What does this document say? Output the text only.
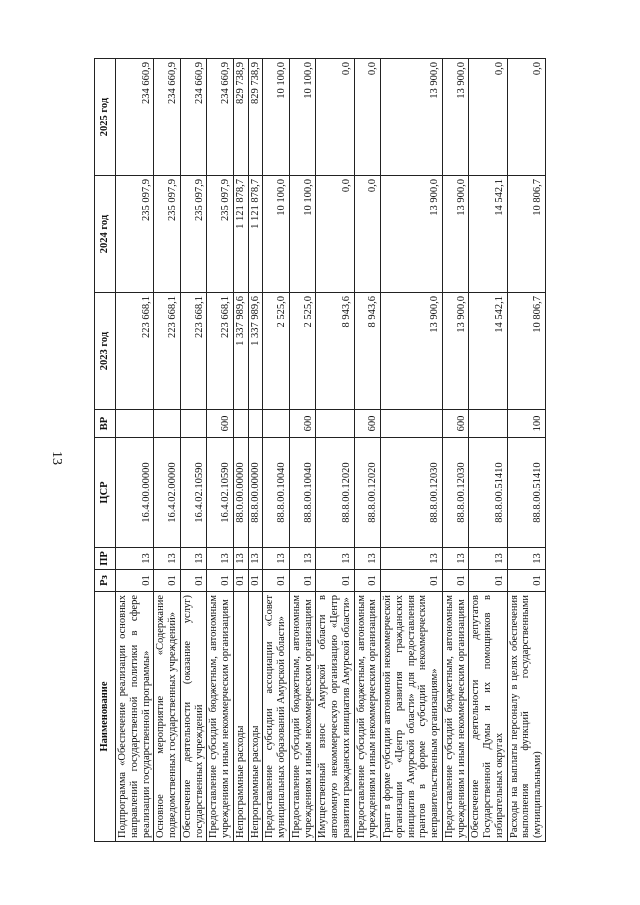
13
Наименование	Рз	ПР	ЦСР	ВР	2023 год	2024 год	2025 год
Подпрограмма «Обеспечение реализации основных направлений государственной политики в сфере реализации государственной программы»	01	13	16.4.00.00000		223 668,1	235 097,9	234 660,9
Основное мероприятие «Содержание подведомственных государственных учреждений»	01	13	16.4.02.00000		223 668,1	235 097,9	234 660,9
Обеспечение деятельности (оказание услуг) государственных учреждений	01	13	16.4.02.10590		223 668,1	235 097,9	234 660,9
Предоставление субсидий бюджетным, автономным учреждениям и иным некоммерческим организациям	01	13	16.4.02.10590	600	223 668,1	235 097,9	234 660,9
Непрограммные расходы	01	13	88.0.00.00000		1 337 989,6	1 121 878,7	829 738,9
Непрограммные расходы	01	13	88.8.00.00000		1 337 989,6	1 121 878,7	829 738,9
Предоставление субсидии ассоциации «Совет муниципальных образований Амурской области»	01	13	88.8.00.10040		2 525,0	10 100,0	10 100,0
Предоставление субсидий бюджетным, автономным учреждениям и иным некоммерческим организациям	01	13	88.8.00.10040	600	2 525,0	10 100,0	10 100,0
Имущественный взнос Амурской области в автономную некоммерческую организацию «Центр развития гражданских инициатив Амурской области»	01	13	88.8.00.12020		8 943,6	0,0	0,0
Предоставление субсидий бюджетным, автономным учреждениям и иным некоммерческим организациям	01	13	88.8.00.12020	600	8 943,6	0,0	0,0
Грант в форме субсидии автономной некоммерческой организации «Центр развития гражданских инициатив Амурской области» для предоставления грантов в форме субсидий некоммерческим неправительственным организациям»	01	13	88.8.00.12030		13 900,0	13 900,0	13 900,0
Предоставление субсидий бюджетным, автономным учреждениям и иным некоммерческим организациям	01	13	88.8.00.12030	600	13 900,0	13 900,0	13 900,0
Обеспечение деятельности депутатов Государственной Думы и их помощников в избирательных округах	01	13	88.8.00.51410		14 542,1	14 542,1	0,0
Расходы на выплаты персоналу в целях обеспечения выполнения функций государственными (муниципальными)	01	13	88.8.00.51410	100	10 806,7	10 806,7	0,0
